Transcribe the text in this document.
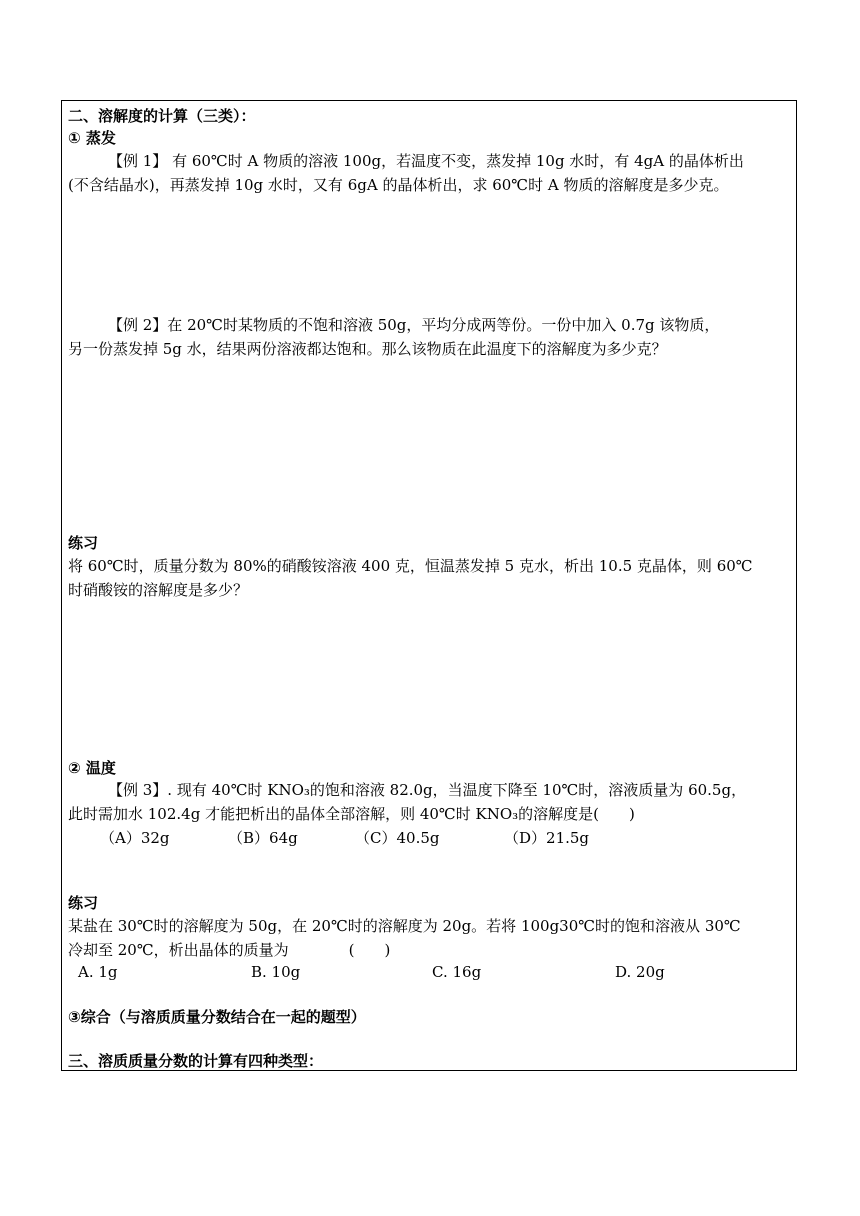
二、溶解度的计算（三类）：
① 蒸发
【例 1】 有 60℃时 A 物质的溶液 100g，若温度不变，蒸发掉 10g 水时，有 4gA 的晶体析出
(不含结晶水)，再蒸发掉 10g 水时，又有 6gA 的晶体析出，求 60℃时 A 物质的溶解度是多少克。
【例 2】在 20℃时某物质的不饱和溶液 50g，平均分成两等份。一份中加入 0.7g 该物质，
另一份蒸发掉 5g 水，结果两份溶液都达饱和。那么该物质在此温度下的溶解度为多少克？
练习
将 60℃时，质量分数为 80%的硝酸铵溶液 400 克，恒温蒸发掉 5 克水，析出 10.5 克晶体，则 60℃
时硝酸铵的溶解度是多少？
② 温度
【例 3】. 现有 40℃时 KNO₃的饱和溶液 82.0g，当温度下降至 10℃时，溶液质量为 60.5g，
此时需加水 102.4g 才能把析出的晶体全部溶解，则 40℃时 KNO₃的溶解度是(　　)
（A）32g	（B）64g	（C）40.5g	（D）21.5g
练习
某盐在 30℃时的溶解度为 50g，在 20℃时的溶解度为 20g。若将 100g30℃时的饱和溶液从 30℃
冷却至 20℃，析出晶体的质量为　　　　(　　)
A. 1g	B. 10g	C. 16g	D. 20g
③综合（与溶质质量分数结合在一起的题型）
三、溶质质量分数的计算有四种类型：
